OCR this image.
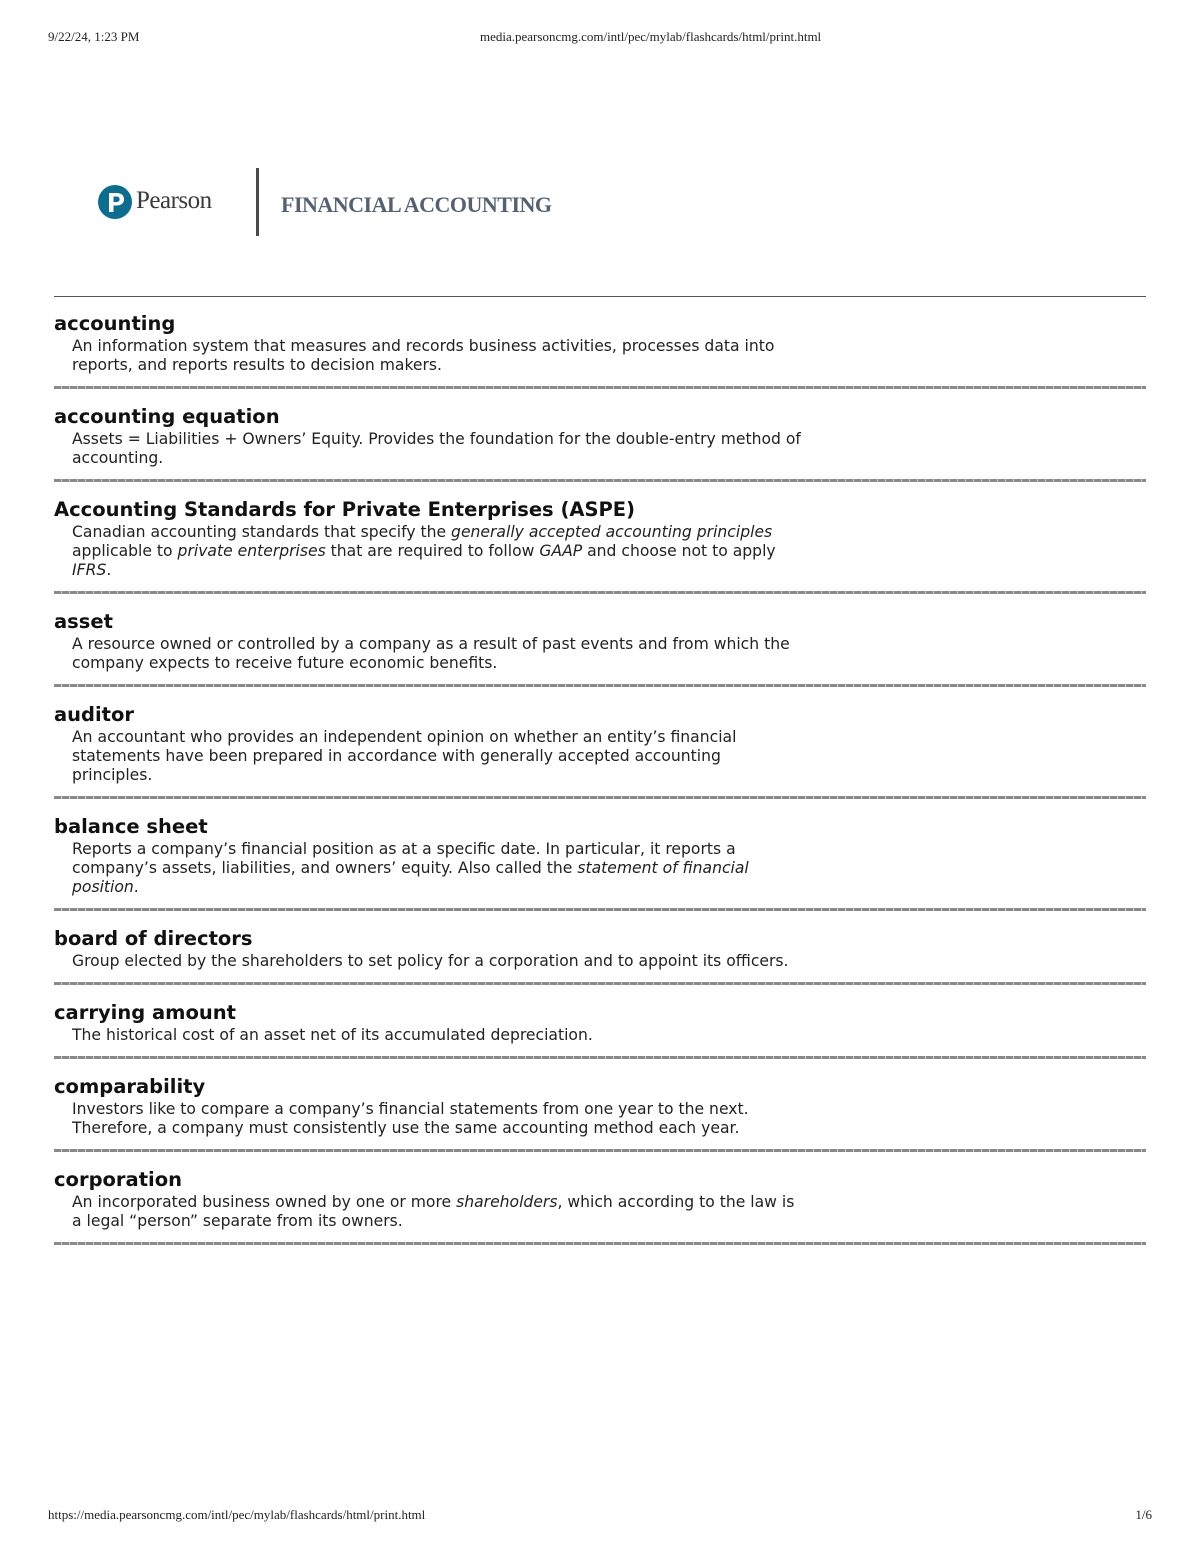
9/22/24, 1:23 PM	media.pearsoncmg.com/intl/pec/mylab/flashcards/html/print.html
Pearson	FINANCIAL ACCOUNTING
accounting
An information system that measures and records business activities, processes data into reports, and reports results to decision makers.
accounting equation
Assets = Liabilities + Owners’ Equity. Provides the foundation for the double-entry method of accounting.
Accounting Standards for Private Enterprises (ASPE)
Canadian accounting standards that specify the generally accepted accounting principles applicable to private enterprises that are required to follow GAAP and choose not to apply IFRS.
asset
A resource owned or controlled by a company as a result of past events and from which the company expects to receive future economic benefits.
auditor
An accountant who provides an independent opinion on whether an entity’s financial statements have been prepared in accordance with generally accepted accounting principles.
balance sheet
Reports a company’s financial position as at a specific date. In particular, it reports a company’s assets, liabilities, and owners’ equity. Also called the statement of financial position.
board of directors
Group elected by the shareholders to set policy for a corporation and to appoint its officers.
carrying amount
The historical cost of an asset net of its accumulated depreciation.
comparability
Investors like to compare a company’s financial statements from one year to the next. Therefore, a company must consistently use the same accounting method each year.
corporation
An incorporated business owned by one or more shareholders, which according to the law is a legal “person” separate from its owners.
https://media.pearsoncmg.com/intl/pec/mylab/flashcards/html/print.html	1/6
